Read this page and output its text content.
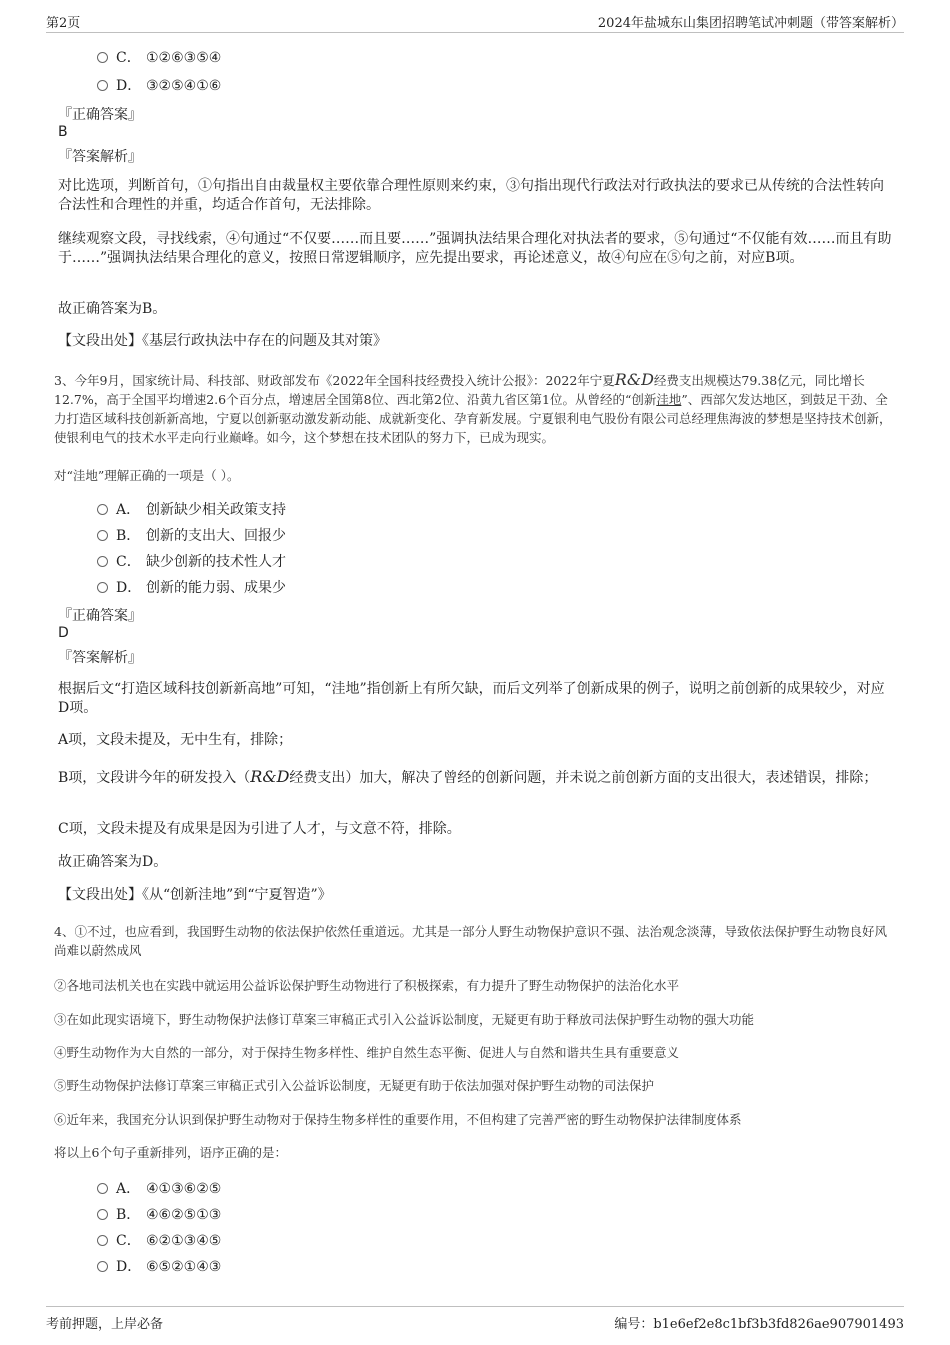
第2页	2024年盐城东山集团招聘笔试冲刺题（带答案解析）
C． ①②⑥③⑤④
D． ③②⑤④①⑥
『正确答案』
B
『答案解析』
对比选项，判断首句，①句指出自由裁量权主要依靠合理性原则来约束，③句指出现代行政法对行政执法的要求已从传统的合法性转向合法性和合理性的并重，均适合作首句，无法排除。
继续观察文段，寻找线索，④句通过“不仅要……而且要……”强调执法结果合理化对执法者的要求，⑤句通过“不仅能有效……而且有助于……”强调执法结果合理化的意义，按照日常逻辑顺序，应先提出要求，再论述意义，故④句应在⑤句之前，对应B项。
故正确答案为B。
【文段出处】《基层行政执法中存在的问题及其对策》
3、今年9月，国家统计局、科技部、财政部发布《2022年全国科技经费投入统计公报》：2022年宁夏R&D经费支出规模达79.38亿元，同比增长12.7%，高于全国平均增速2.6个百分点，增速居全国第8位、西北第2位、沿黄九省区第1位。从曾经的“创新洼地”、西部欠发达地区，到鼓足干劲、全力打造区域科技创新新高地，宁夏以创新驱动激发新动能、成就新变化、孕育新发展。宁夏银利电气股份有限公司总经理焦海波的梦想是坚持技术创新，使银利电气的技术水平走向行业巅峰。如今，这个梦想在技术团队的努力下，已成为现实。
对“洼地”理解正确的一项是（ ）。
A． 创新缺少相关政策支持
B． 创新的支出大、回报少
C． 缺少创新的技术性人才
D． 创新的能力弱、成果少
『正确答案』
D
『答案解析』
根据后文“打造区域科技创新新高地”可知，“洼地”指创新上有所欠缺，而后文列举了创新成果的例子，说明之前创新的成果较少，对应D项。
A项，文段未提及，无中生有，排除；
B项，文段讲今年的研发投入（R&D经费支出）加大，解决了曾经的创新问题，并未说之前创新方面的支出很大，表述错误，排除；
C项，文段未提及有成果是因为引进了人才，与文意不符，排除。
故正确答案为D。
【文段出处】《从“创新洼地”到“宁夏智造”》
4、①不过，也应看到，我国野生动物的依法保护依然任重道远。尤其是一部分人野生动物保护意识不强、法治观念淡薄，导致依法保护野生动物良好风尚难以蔚然成风
②各地司法机关也在实践中就运用公益诉讼保护野生动物进行了积极探索，有力提升了野生动物保护的法治化水平
③在如此现实语境下，野生动物保护法修订草案三审稿正式引入公益诉讼制度，无疑更有助于释放司法保护野生动物的强大功能
④野生动物作为大自然的一部分，对于保持生物多样性、维护自然生态平衡、促进人与自然和谐共生具有重要意义
⑤野生动物保护法修订草案三审稿正式引入公益诉讼制度，无疑更有助于依法加强对保护野生动物的司法保护
⑥近年来，我国充分认识到保护野生动物对于保持生物多样性的重要作用，不但构建了完善严密的野生动物保护法律制度体系
将以上6个句子重新排列，语序正确的是：
A． ④①③⑥②⑤
B． ④⑥②⑤①③
C． ⑥②①③④⑤
D． ⑥⑤②①④③
考前押题，上岸必备	编号：b1e6ef2e8c1bf3b3fd826ae907901493
